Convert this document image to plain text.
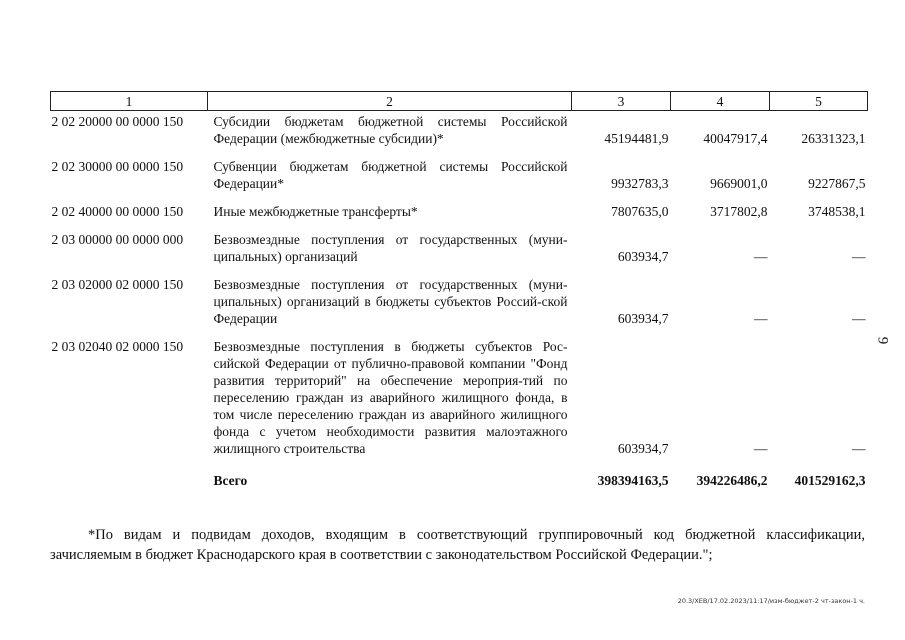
1	2	3	4	5
2 02 20000 00 0000 150	Субсидии бюджетам бюджетной системы Российской Федерации (межбюджетные субсидии)*	45194481,9	40047917,4	26331323,1
2 02 30000 00 0000 150	Субвенции бюджетам бюджетной системы Российской Федерации*	9932783,3	9669001,0	9227867,5
2 02 40000 00 0000 150	Иные межбюджетные трансферты*	7807635,0	3717802,8	3748538,1
2 03 00000 00 0000 000	Безвозмездные поступления от государственных (муни-ципальных) организаций	603934,7	—	—
2 03 02000 02 0000 150	Безвозмездные поступления от государственных (муни-ципальных) организаций в бюджеты субъектов Россий-ской Федерации	603934,7	—	—
2 03 02040 02 0000 150	Безвозмездные поступления в бюджеты субъектов Рос-сийской Федерации от публично-правовой компании "Фонд развития территорий" на обеспечение мероприя-тий по переселению граждан из аварийного жилищного фонда, в том числе переселению граждан из аварийного жилищного фонда с учетом необходимости развития малоэтажного жилищного строительства	603934,7	—	—
	Всего	398394163,5	394226486,2	401529162,3
*По видам и подвидам доходов, входящим в соответствующий группировочный код бюджетной классификации, зачисляемым в бюджет Краснодарского края в соответствии с законодательством Российской Федерации.";
9
20.3/ХЕВ/17.02.2023/11:17/изм-бюджет-2 чт-закон-1 ч.
